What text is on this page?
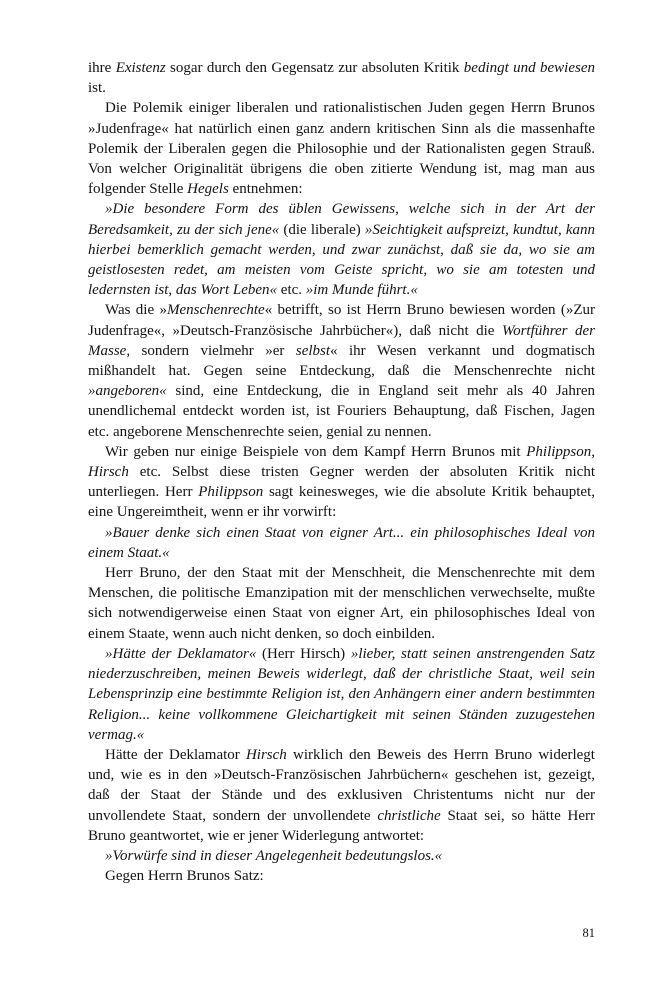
ihre Existenz sogar durch den Gegensatz zur absoluten Kritik bedingt und bewiesen ist.

Die Polemik einiger liberalen und rationalistischen Juden gegen Herrn Brunos »Judenfrage« hat natürlich einen ganz andern kritischen Sinn als die massenhafte Polemik der Liberalen gegen die Philosophie und der Rationalisten gegen Strauß. Von welcher Originalität übrigens die oben zitierte Wendung ist, mag man aus folgender Stelle Hegels entnehmen:

»Die besondere Form des üblen Gewissens, welche sich in der Art der Beredsamkeit, zu der sich jene« (die liberale) »Seichtigkeit aufspreizt, kundtut, kann hierbei bemerklich gemacht werden, und zwar zunächst, daß sie da, wo sie am geistlosesten redet, am meisten vom Geiste spricht, wo sie am totesten und ledernsten ist, das Wort Leben« etc. »im Munde führt.«

Was die »Menschenrechte« betrifft, so ist Herrn Bruno bewiesen worden (»Zur Judenfrage«, »Deutsch-Französische Jahrbücher«), daß nicht die Wortführer der Masse, sondern vielmehr »er selbst« ihr Wesen verkannt und dogmatisch mißhandelt hat. Gegen seine Entdeckung, daß die Menschenrechte nicht »angeboren« sind, eine Entdeckung, die in England seit mehr als 40 Jahren unendlichemal entdeckt worden ist, ist Fouriers Behauptung, daß Fischen, Jagen etc. angeborene Menschenrechte seien, genial zu nennen.

Wir geben nur einige Beispiele von dem Kampf Herrn Brunos mit Philippson, Hirsch etc. Selbst diese tristen Gegner werden der absoluten Kritik nicht unterliegen. Herr Philippson sagt keinesweges, wie die absolute Kritik behauptet, eine Ungereimtheit, wenn er ihr vorwirft:

»Bauer denke sich einen Staat von eigner Art... ein philosophisches Ideal von einem Staat.«

Herr Bruno, der den Staat mit der Menschheit, die Menschenrechte mit dem Menschen, die politische Emanzipation mit der menschlichen verwechselte, mußte sich notwendigerweise einen Staat von eigner Art, ein philosophisches Ideal von einem Staate, wenn auch nicht denken, so doch einbilden.

»Hätte der Deklamator« (Herr Hirsch) »lieber, statt seinen anstrengenden Satz niederzuschreiben, meinen Beweis widerlegt, daß der christliche Staat, weil sein Lebensprinzip eine bestimmte Religion ist, den Anhängern einer andern bestimmten Religion... keine vollkommene Gleichartigkeit mit seinen Ständen zuzugestehen vermag.«

Hätte der Deklamator Hirsch wirklich den Beweis des Herrn Bruno widerlegt und, wie es in den »Deutsch-Französischen Jahrbüchern« geschehen ist, gezeigt, daß der Staat der Stände und des exklusiven Christentums nicht nur der unvollendete Staat, sondern der unvollendete christliche Staat sei, so hätte Herr Bruno geantwortet, wie er jener Widerlegung antwortet:

»Vorwürfe sind in dieser Angelegenheit bedeutungslos.«

Gegen Herrn Brunos Satz:

81
